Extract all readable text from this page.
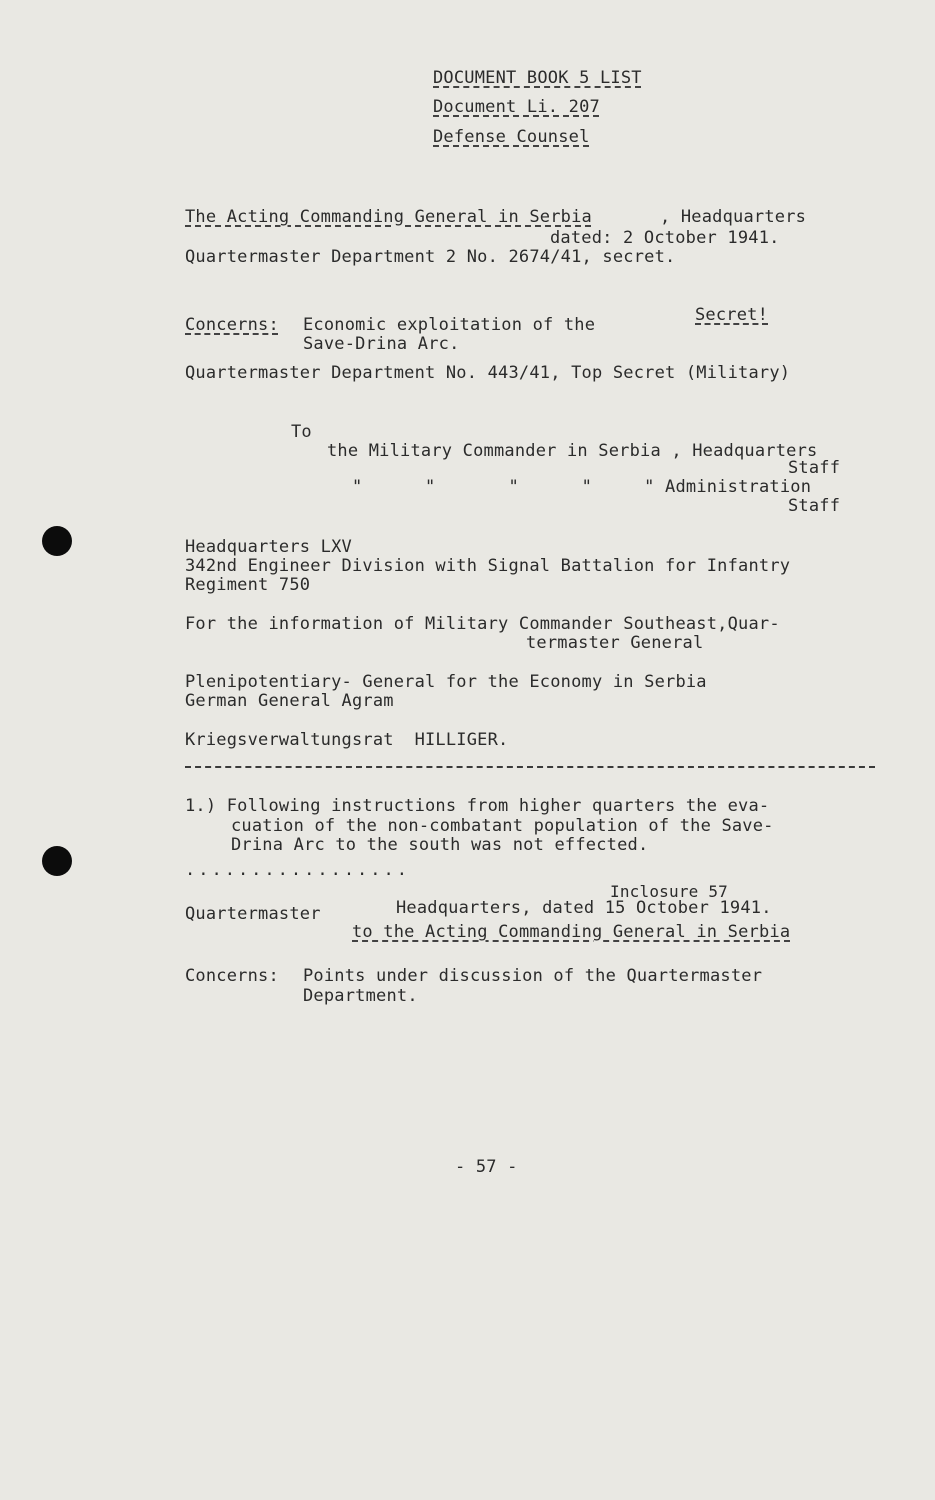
DOCUMENT BOOK 5 LIST
Document Li. 207
Defense Counsel
The Acting Commanding General in Serbia	, Headquarters
dated: 2 October 1941.
Quartermaster Department 2 No. 2674/41, secret.
Secret!
Concerns: Economic exploitation of the
Save-Drina Arc.
Quartermaster Department No. 443/41, Top Secret (Military)
To
the Military Commander in Serbia , Headquarters
Staff
"      "       "      "     " Administration
Staff
Headquarters LXV
342nd Engineer Division with Signal Battalion for Infantry
Regiment 750
For the information of Military Commander Southeast,Quar-
termaster General
Plenipotentiary- General for the Economy in Serbia
German General Agram
Kriegsverwaltungsrat  HILLIGER.
1.) Following instructions from higher quarters the eva-
cuation of the non-combatant population of the Save-
Drina Arc to the south was not effected.
.................
Inclosure 57
Quartermaster	Headquarters, dated 15 October 1941.
to the Acting Commanding General in Serbia
Concerns: Points under discussion of the Quartermaster
Department.
- 57 -
